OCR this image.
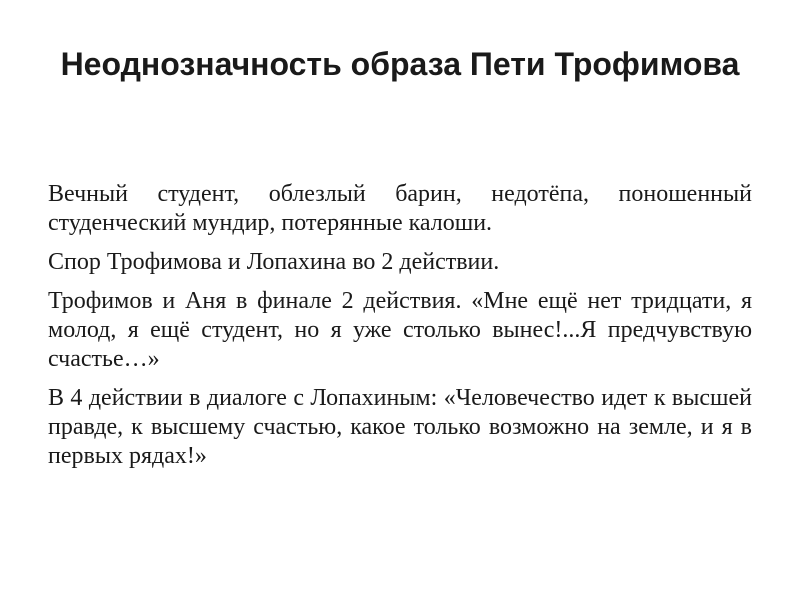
Неоднозначность образа Пети Трофимова

Вечный студент, облезлый барин, недотёпа, поношенный студенческий мундир, потерянные калоши.

Спор Трофимова и Лопахина во 2 действии.

Трофимов и Аня в финале 2 действия. «Мне ещё нет тридцати, я молод, я ещё студент, но я уже столько вынес!...Я предчувствую счастье…»

В 4 действии в диалоге с Лопахиным: «Человечество идет к высшей правде, к высшему счастью, какое только возможно на земле, и я в первых рядах!»
